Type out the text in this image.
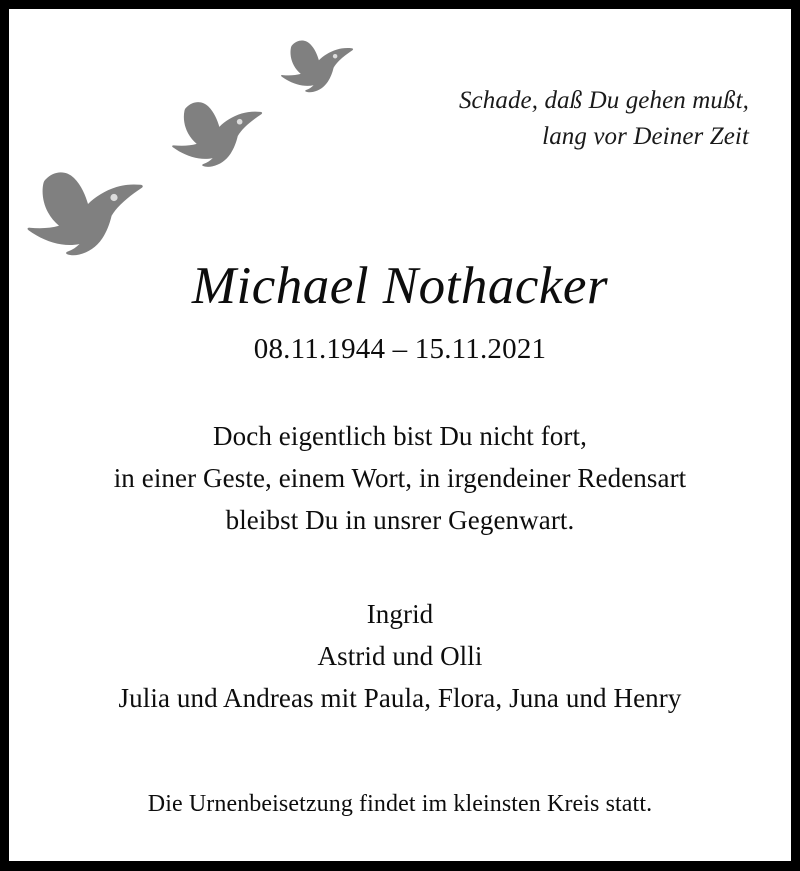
Schade, daß Du gehen mußt,
lang vor Deiner Zeit
Michael Nothacker
08.11.1944 – 15.11.2021
Doch eigentlich bist Du nicht fort,
in einer Geste, einem Wort, in irgendeiner Redensart
bleibst Du in unsrer Gegenwart.
Ingrid
Astrid und Olli
Julia und Andreas mit Paula, Flora, Juna und Henry
Die Urnenbeisetzung findet im kleinsten Kreis statt.
